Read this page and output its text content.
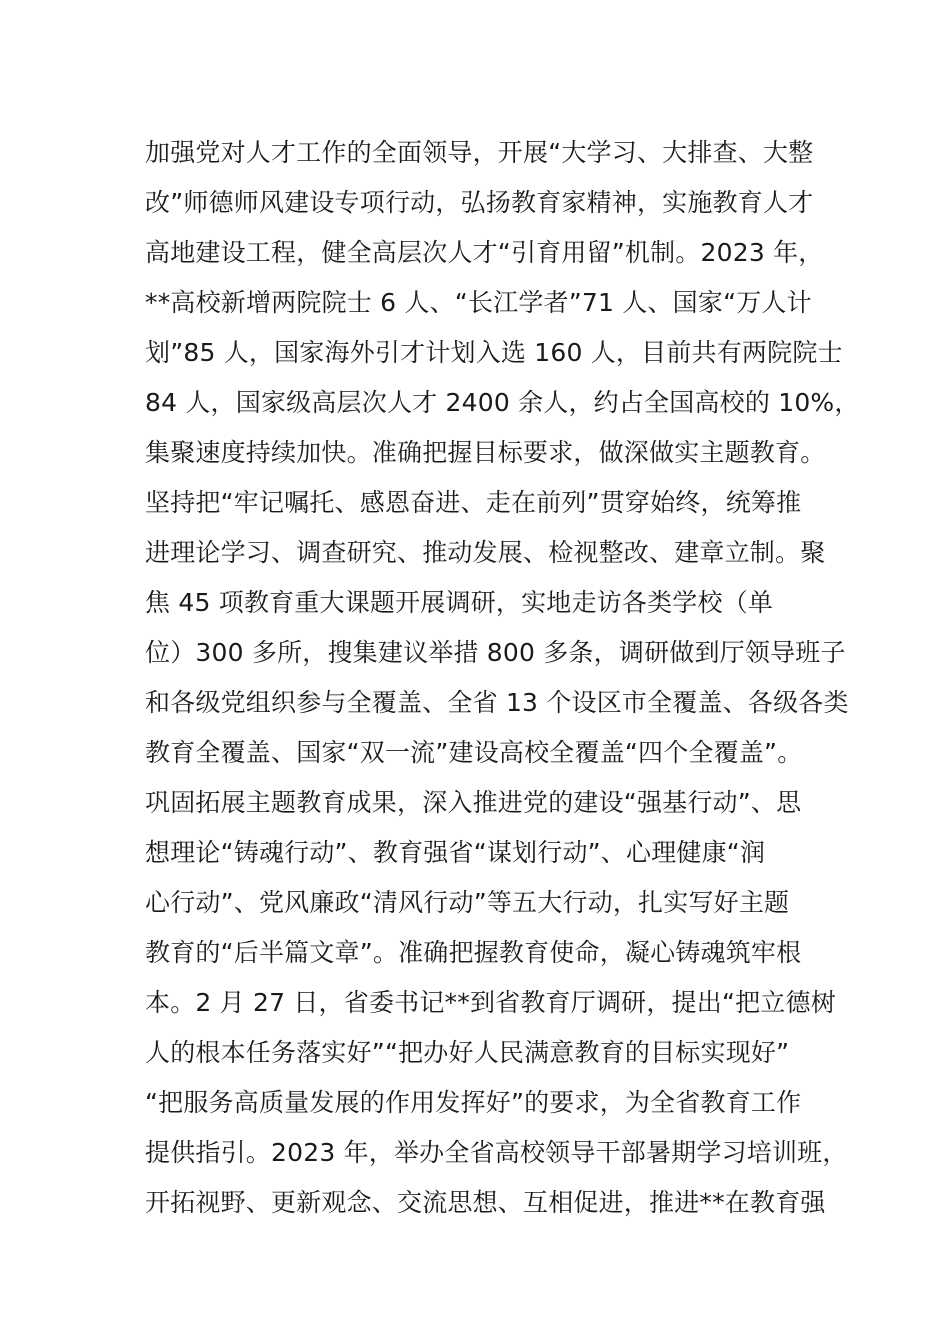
加强党对人才工作的全面领导，开展“大学习、大排查、大整
改”师德师风建设专项行动，弘扬教育家精神，实施教育人才
高地建设工程，健全高层次人才“引育用留”机制。2023 年，
**高校新增两院院士 6 人、“长江学者”71 人、国家“万人计
划”85 人，国家海外引才计划入选 160 人，目前共有两院院士
84 人，国家级高层次人才 2400 余人，约占全国高校的 10%，
集聚速度持续加快。准确把握目标要求，做深做实主题教育。
坚持把“牢记嘱托、感恩奋进、走在前列”贯穿始终，统筹推
进理论学习、调查研究、推动发展、检视整改、建章立制。聚
焦 45 项教育重大课题开展调研，实地走访各类学校（单
位）300 多所，搜集建议举措 800 多条，调研做到厅领导班子
和各级党组织参与全覆盖、全省 13 个设区市全覆盖、各级各类
教育全覆盖、国家“双一流”建设高校全覆盖“四个全覆盖”。
巩固拓展主题教育成果，深入推进党的建设“强基行动”、思
想理论“铸魂行动”、教育强省“谋划行动”、心理健康“润
心行动”、党风廉政“清风行动”等五大行动，扎实写好主题
教育的“后半篇文章”。准确把握教育使命，凝心铸魂筑牢根
本。2 月 27 日，省委书记**到省教育厅调研，提出“把立德树
人的根本任务落实好”“把办好人民满意教育的目标实现好”
“把服务高质量发展的作用发挥好”的要求，为全省教育工作
提供指引。2023 年，举办全省高校领导干部暑期学习培训班，
开拓视野、更新观念、交流思想、互相促进，推进**在教育强
